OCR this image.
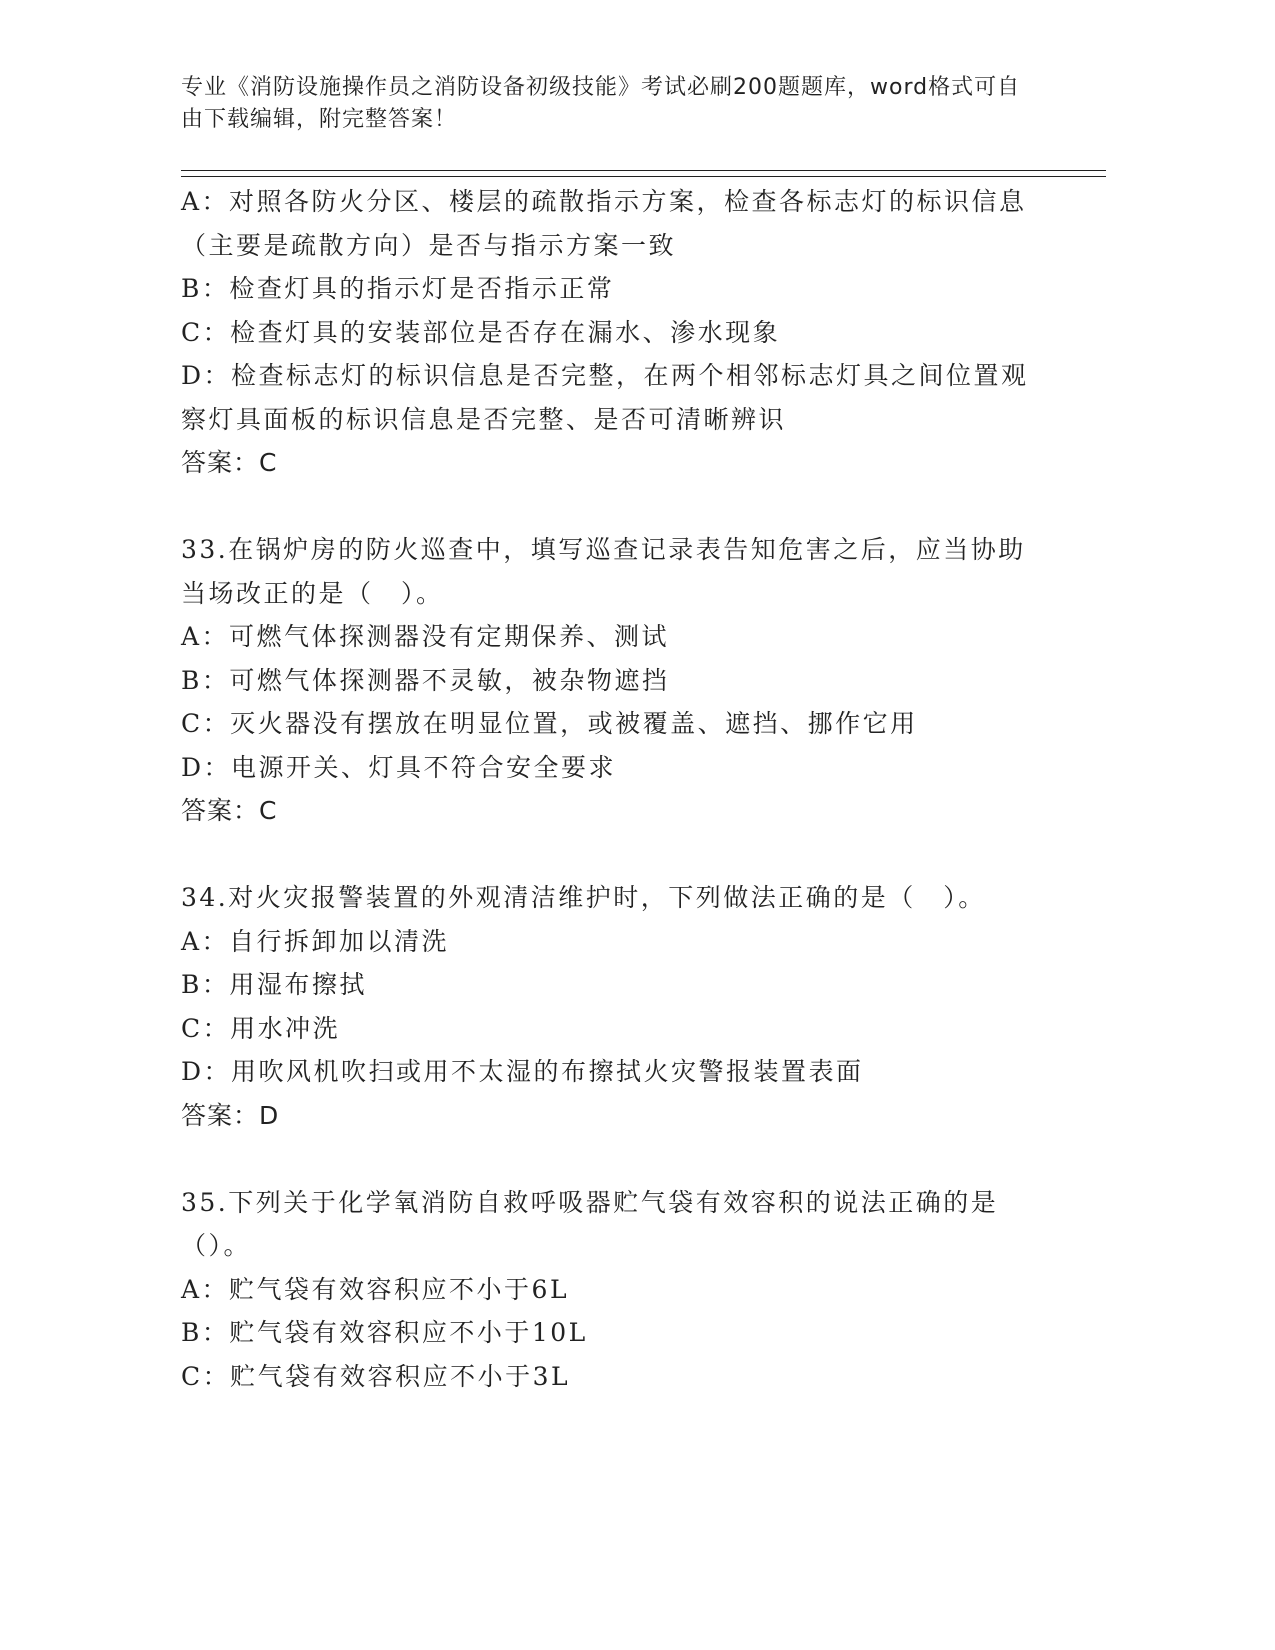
专业《消防设施操作员之消防设备初级技能》考试必刷200题题库，word格式可自由下载编辑，附完整答案！
A：对照各防火分区、楼层的疏散指示方案，检查各标志灯的标识信息（主要是疏散方向）是否与指示方案一致
B：检查灯具的指示灯是否指示正常
C：检查灯具的安装部位是否存在漏水、渗水现象
D：检查标志灯的标识信息是否完整，在两个相邻标志灯具之间位置观察灯具面板的标识信息是否完整、是否可清晰辨识
答案：C
33.在锅炉房的防火巡查中，填写巡查记录表告知危害之后，应当协助当场改正的是（　）。
A：可燃气体探测器没有定期保养、测试
B：可燃气体探测器不灵敏，被杂物遮挡
C：灭火器没有摆放在明显位置，或被覆盖、遮挡、挪作它用
D：电源开关、灯具不符合安全要求
答案：C
34.对火灾报警装置的外观清洁维护时，下列做法正确的是（　）。
A：自行拆卸加以清洗
B：用湿布擦拭
C：用水冲洗
D：用吹风机吹扫或用不太湿的布擦拭火灾警报装置表面
答案：D
35.下列关于化学氧消防自救呼吸器贮气袋有效容积的说法正确的是（）。
A：贮气袋有效容积应不小于6L
B：贮气袋有效容积应不小于10L
C：贮气袋有效容积应不小于3L
